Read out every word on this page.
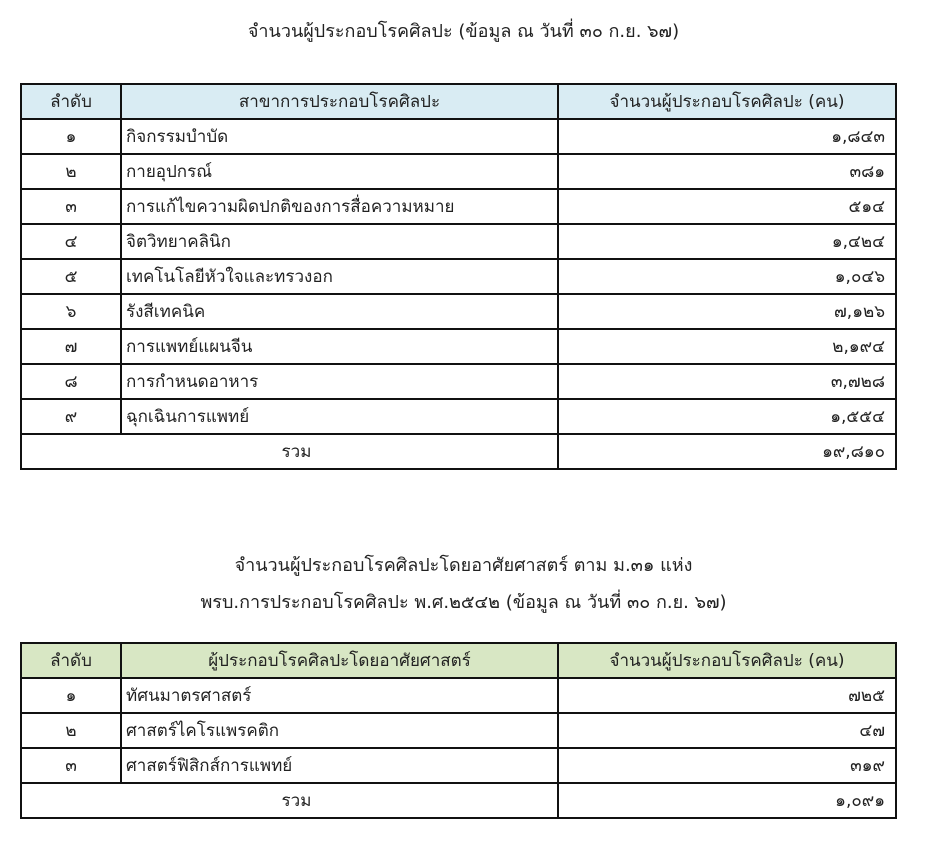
จำนวนผู้ประกอบโรคศิลปะ (ข้อมูล ณ วันที่ ๓๐ ก.ย. ๖๗)
ลำดับ	สาขาการประกอบโรคศิลปะ	จำนวนผู้ประกอบโรคศิลปะ (คน)
๑	กิจกรรมบำบัด	๑,๘๔๓
๒	กายอุปกรณ์	๓๘๑
๓	การแก้ไขความผิดปกติของการสื่อความหมาย	๕๑๔
๔	จิตวิทยาคลินิก	๑,๔๒๔
๕	เทคโนโลยีหัวใจและทรวงอก	๑,๐๔๖
๖	รังสีเทคนิค	๗,๑๒๖
๗	การแพทย์แผนจีน	๒,๑๙๔
๘	การกำหนดอาหาร	๓,๗๒๘
๙	ฉุกเฉินการแพทย์	๑,๕๕๔
รวม		๑๙,๘๑๐
จำนวนผู้ประกอบโรคศิลปะโดยอาศัยศาสตร์ ตาม ม.๓๑ แห่ง
พรบ.การประกอบโรคศิลปะ พ.ศ.๒๕๔๒ (ข้อมูล ณ วันที่ ๓๐ ก.ย. ๖๗)
ลำดับ	ผู้ประกอบโรคศิลปะโดยอาศัยศาสตร์	จำนวนผู้ประกอบโรคศิลปะ (คน)
๑	ทัศนมาตรศาสตร์	๗๒๕
๒	ศาสตร์ไคโรแพรคติก	๔๗
๓	ศาสตร์ฟิสิกส์การแพทย์	๓๑๙
รวม		๑,๐๙๑
